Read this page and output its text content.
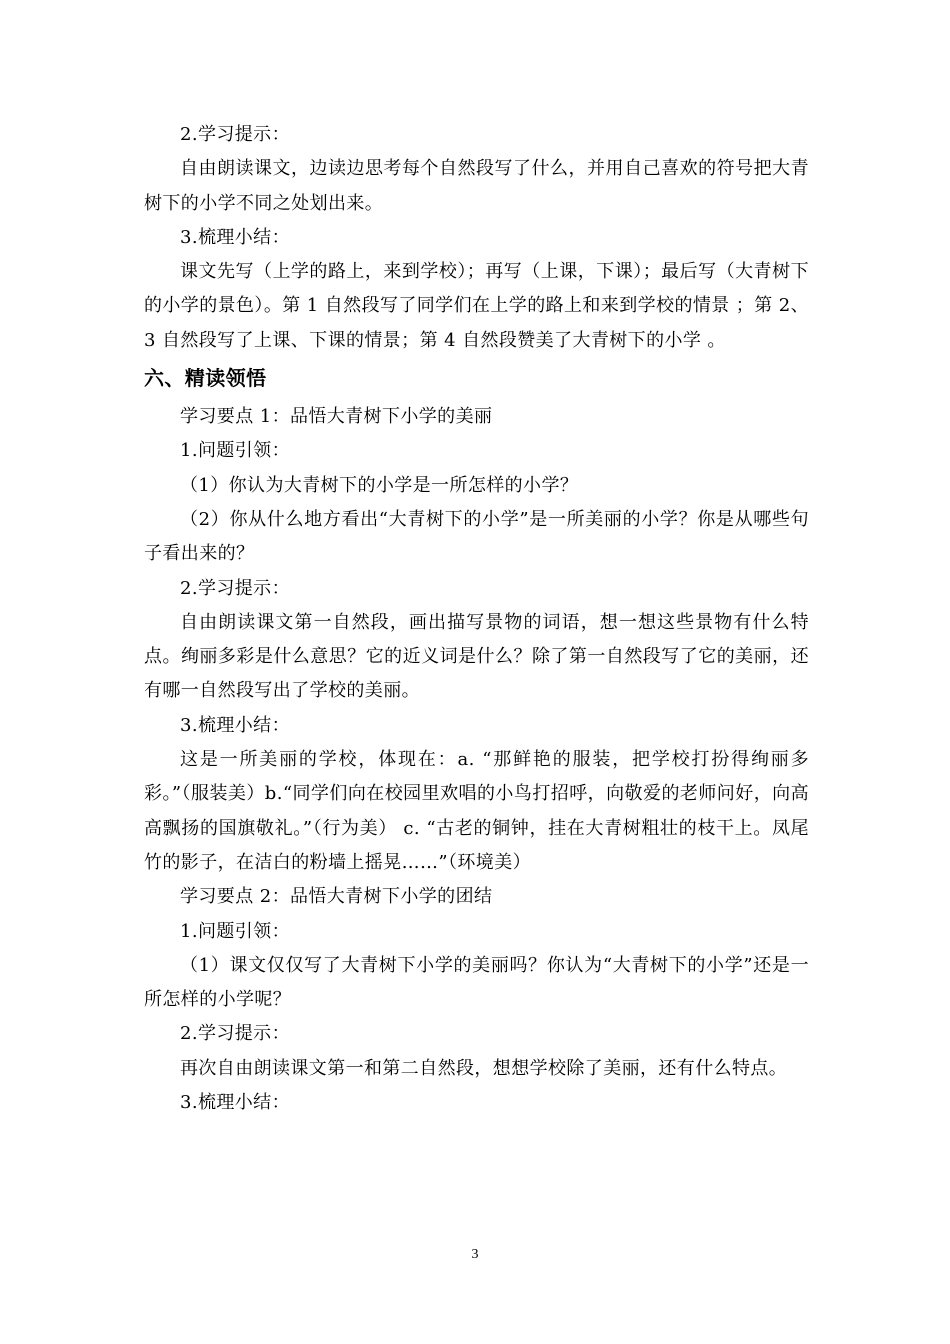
2.学习提示：

自由朗读课文，边读边思考每个自然段写了什么，并用自己喜欢的符号把大青树下的小学不同之处划出来。

3.梳理小结：

课文先写（上学的路上，来到学校）；再写（上课，下课）；最后写（大青树下的小学的景色）。第 1 自然段写了同学们在上学的路上和来到学校的情景 ；第 2、3 自然段写了上课、下课的情景；第 4 自然段赞美了大青树下的小学 。

六、精读领悟

学习要点 1：品悟大青树下小学的美丽

1.问题引领：

（1）你认为大青树下的小学是一所怎样的小学？

（2）你从什么地方看出“大青树下的小学”是一所美丽的小学？你是从哪些句子看出来的？

2.学习提示：

自由朗读课文第一自然段，画出描写景物的词语，想一想这些景物有什么特点。绚丽多彩是什么意思？它的近义词是什么？除了第一自然段写了它的美丽，还有哪一自然段写出了学校的美丽。

3.梳理小结：

这是一所美丽的学校，体现在：a. “那鲜艳的服装，把学校打扮得绚丽多彩。”（服装美）b.“同学们向在校园里欢唱的小鸟打招呼，向敬爱的老师问好，向高高飘扬的国旗敬礼。”（行为美） c. “古老的铜钟，挂在大青树粗壮的枝干上。凤尾竹的影子，在洁白的粉墙上摇晃……”（环境美）

学习要点 2：品悟大青树下小学的团结

1.问题引领：

（1）课文仅仅写了大青树下小学的美丽吗？你认为“大青树下的小学”还是一所怎样的小学呢？

2.学习提示：

再次自由朗读课文第一和第二自然段，想想学校除了美丽，还有什么特点。

3.梳理小结：

3
